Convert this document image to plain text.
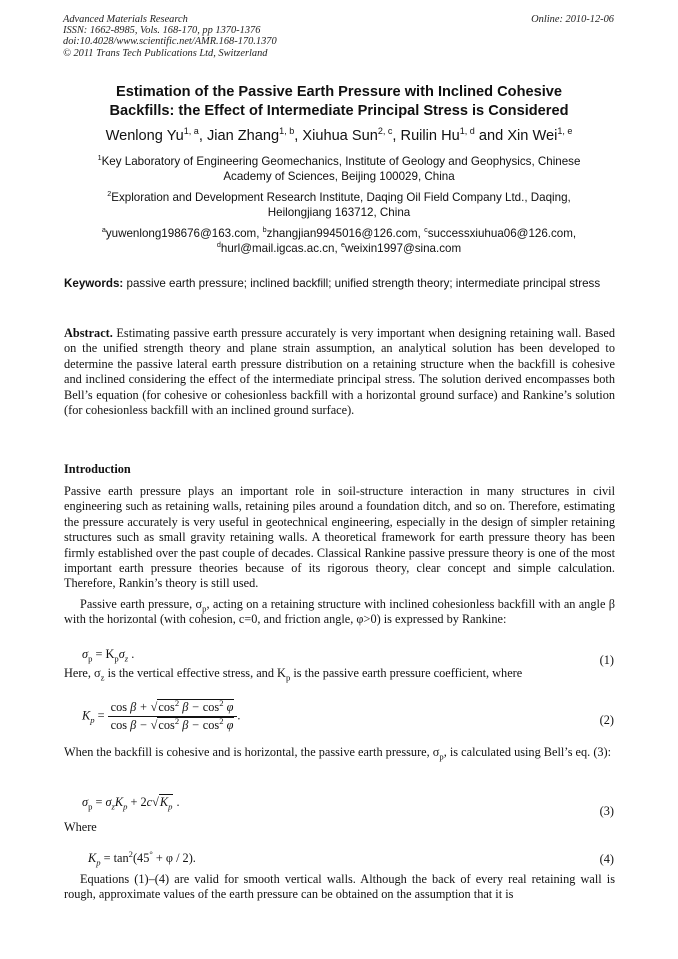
Advanced Materials Research
ISSN: 1662-8985, Vols. 168-170, pp 1370-1376
doi:10.4028/www.scientific.net/AMR.168-170.1370
© 2011 Trans Tech Publications Ltd, Switzerland
Online: 2010-12-06
Estimation of the Passive Earth Pressure with Inclined Cohesive
Backfills: the Effect of Intermediate Principal Stress is Considered
Wenlong Yu$^{1, a}$, Jian Zhang$^{1, b}$, Xiuhua Sun$^{2, c}$, Ruilin Hu$^{1, d}$ and Xin Wei$^{1, e}$
$^1$Key Laboratory of Engineering Geomechanics, Institute of Geology and Geophysics, Chinese
Academy of Sciences, Beijing 100029, China
$^2$Exploration and Development Research Institute, Daqing Oil Field Company Ltd., Daqing,
Heilongjiang 163712, China
$^a$yuwenlong198676@163.com, $^b$zhangjian9945016@126.com, $^c$successxiuhua06@126.com,
$^d$hurl@mail.igcas.ac.cn, $^e$weixin1997@sina.com
Keywords: passive earth pressure; inclined backfill; unified strength theory; intermediate principal stress
Abstract. Estimating passive earth pressure accurately is very important when designing retaining wall. Based on the unified strength theory and plane strain assumption, an analytical solution has been developed to determine the passive lateral earth pressure distribution on a retaining structure when the backfill is cohesive and inclined considering the effect of the intermediate principal stress. The solution derived encompasses both Bell’s equation (for cohesive or cohesionless backfill with a horizontal ground surface) and Rankine’s solution (for cohesionless backfill with an inclined ground surface).
Introduction
Passive earth pressure plays an important role in soil-structure interaction in many structures in civil engineering such as retaining walls, retaining piles around a foundation ditch, and so on. Therefore, estimating the pressure accurately is very useful in geotechnical engineering, especially in the design of simpler retaining structures such as small gravity retaining walls. A theoretical framework for earth pressure theory has been firmly established over the past couple of decades. Classical Rankine passive pressure theory is one of the most important earth pressure theories because of its rigorous theory, clear concept and simple calculation. Therefore, Rankin’s theory is still used.
Passive earth pressure, $\sigma_p$, acting on a retaining structure with inclined cohesionless backfill with an angle β with the horizontal (with cohesion, c=0, and friction angle, φ>0) is expressed by Rankine:
$\sigma_p = K_p\sigma_z$ .	(1)
Here, $\sigma_z$ is the vertical effective stress, and $K_p$ is the passive earth pressure coefficient, where
$K_p = \frac{\cos \beta + √\cos^2 \beta - \cos^2 \varphi}{\cos \beta - √\cos^2 \beta - \cos^2 \varphi}$ .	(2)
When the backfill is cohesive and is horizontal, the passive earth pressure, $\sigma_p$, is calculated using Bell’s eq. (3):
$\sigma_p = \sigma_zK_p + 2c√K_p$ .
(3)
Where
$K_p = \tan^2(45^\circ + \varphi / 2)$.	(4)
Equations (1)–(4) are valid for smooth vertical walls. Although the back of every real retaining wall is rough, approximate values of the earth pressure can be obtained on the assumption that it is
